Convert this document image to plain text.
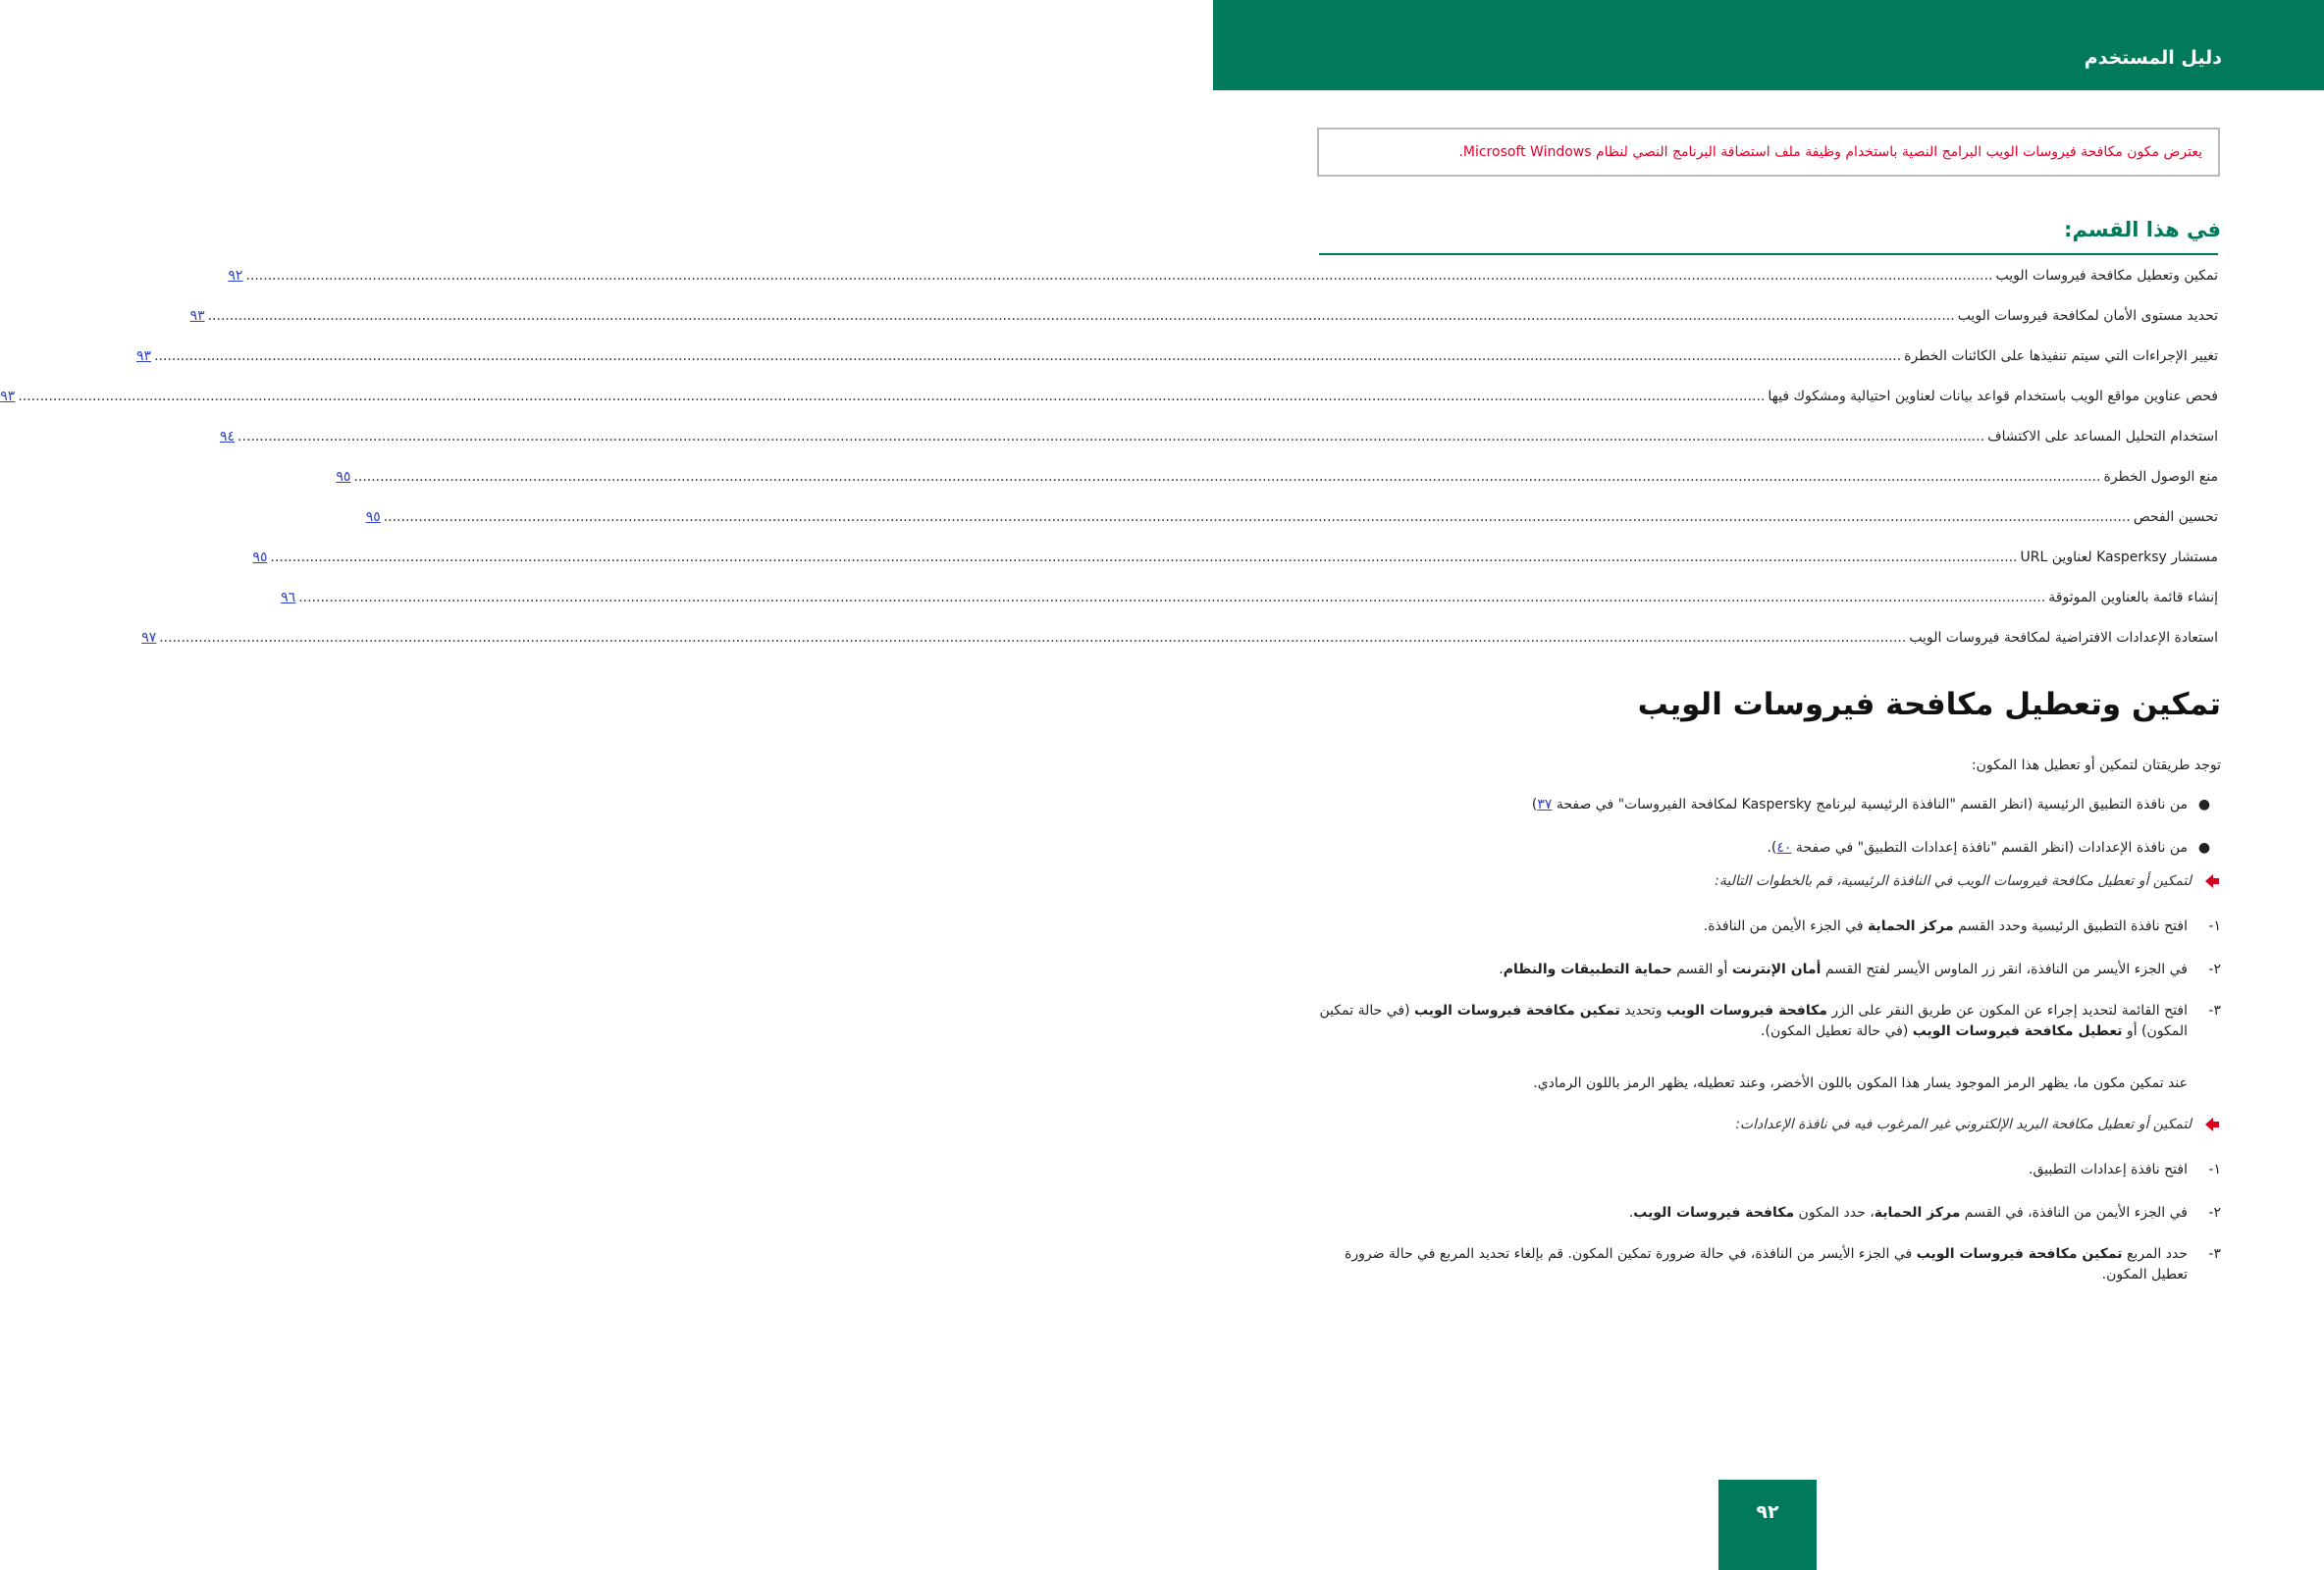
دليل المستخدم
يعترض مكون مكافحة فيروسات الويب البرامج النصية باستخدام وظيفة ملف استضافة البرنامج النصي لنظام Microsoft Windows.
في هذا القسم:
تمكين وتعطيل مكافحة فيروسات الويب
................................................................................................................................................................................................................................................................................................................................................................................................................
٩٢
تحديد مستوى الأمان لمكافحة فيروسات الويب
................................................................................................................................................................................................................................................................................................................................................................................................................
٩٣
تغيير الإجراءات التي سيتم تنفيذها على الكائنات الخطرة
................................................................................................................................................................................................................................................................................................................................................................................................................
٩٣
فحص عناوين مواقع الويب باستخدام قواعد بيانات لعناوين احتيالية ومشكوك فيها
................................................................................................................................................................................................................................................................................................................................................................................................................
٩٣
استخدام التحليل المساعد على الاكتشاف
................................................................................................................................................................................................................................................................................................................................................................................................................
٩٤
منع الوصول الخطرة
................................................................................................................................................................................................................................................................................................................................................................................................................
٩٥
تحسين الفحص
................................................................................................................................................................................................................................................................................................................................................................................................................
٩٥
مستشار Kasperksy لعناوين URL
................................................................................................................................................................................................................................................................................................................................................................................................................
٩٥
إنشاء قائمة بالعناوين الموثوقة
................................................................................................................................................................................................................................................................................................................................................................................................................
٩٦
استعادة الإعدادات الافتراضية لمكافحة فيروسات الويب
................................................................................................................................................................................................................................................................................................................................................................................................................
٩٧
تمكين وتعطيل مكافحة فيروسات الويب
توجد طريقتان لتمكين أو تعطيل هذا المكون:
●
من نافذة التطبيق الرئيسية (انظر القسم "النافذة الرئيسية لبرنامج Kaspersky لمكافحة الفيروسات" في صفحة ٣٧)
●
من نافذة الإعدادات (انظر القسم "نافذة إعدادات التطبيق" في صفحة ٤٠).
لتمكين أو تعطيل مكافحة فيروسات الويب في النافذة الرئيسية، قم بالخطوات التالية:
١-
افتح نافذة التطبيق الرئيسية وحدد القسم مركز الحماية في الجزء الأيمن من النافذة.
٢-
في الجزء الأيسر من النافذة، انقر زر الماوس الأيسر لفتح القسم أمان الإنترنت أو القسم حماية التطبيقات والنظام.
٣-
افتح القائمة لتحديد إجراء عن المكون عن طريق النقر على الزر مكافحة فيروسات الويب وتحديد تمكين مكافحة فيروسات الويب (في حالة تمكين المكون) أو تعطيل مكافحة فيروسات الويب (في حالة تعطيل المكون).
عند تمكين مكون ما، يظهر الرمز الموجود يسار هذا المكون باللون الأخضر، وعند تعطيله، يظهر الرمز باللون الرمادي.
لتمكين أو تعطيل مكافحة البريد الإلكتروني غير المرغوب فيه في نافذة الإعدادات:
١-
افتح نافذة إعدادات التطبيق.
٢-
في الجزء الأيمن من النافذة، في القسم مركز الحماية، حدد المكون مكافحة فيروسات الويب.
٣-
حدد المربع تمكين مكافحة فيروسات الويب في الجزء الأيسر من النافذة، في حالة ضرورة تمكين المكون. قم بإلغاء تحديد المربع في حالة ضرورة تعطيل المكون.
٩٢
